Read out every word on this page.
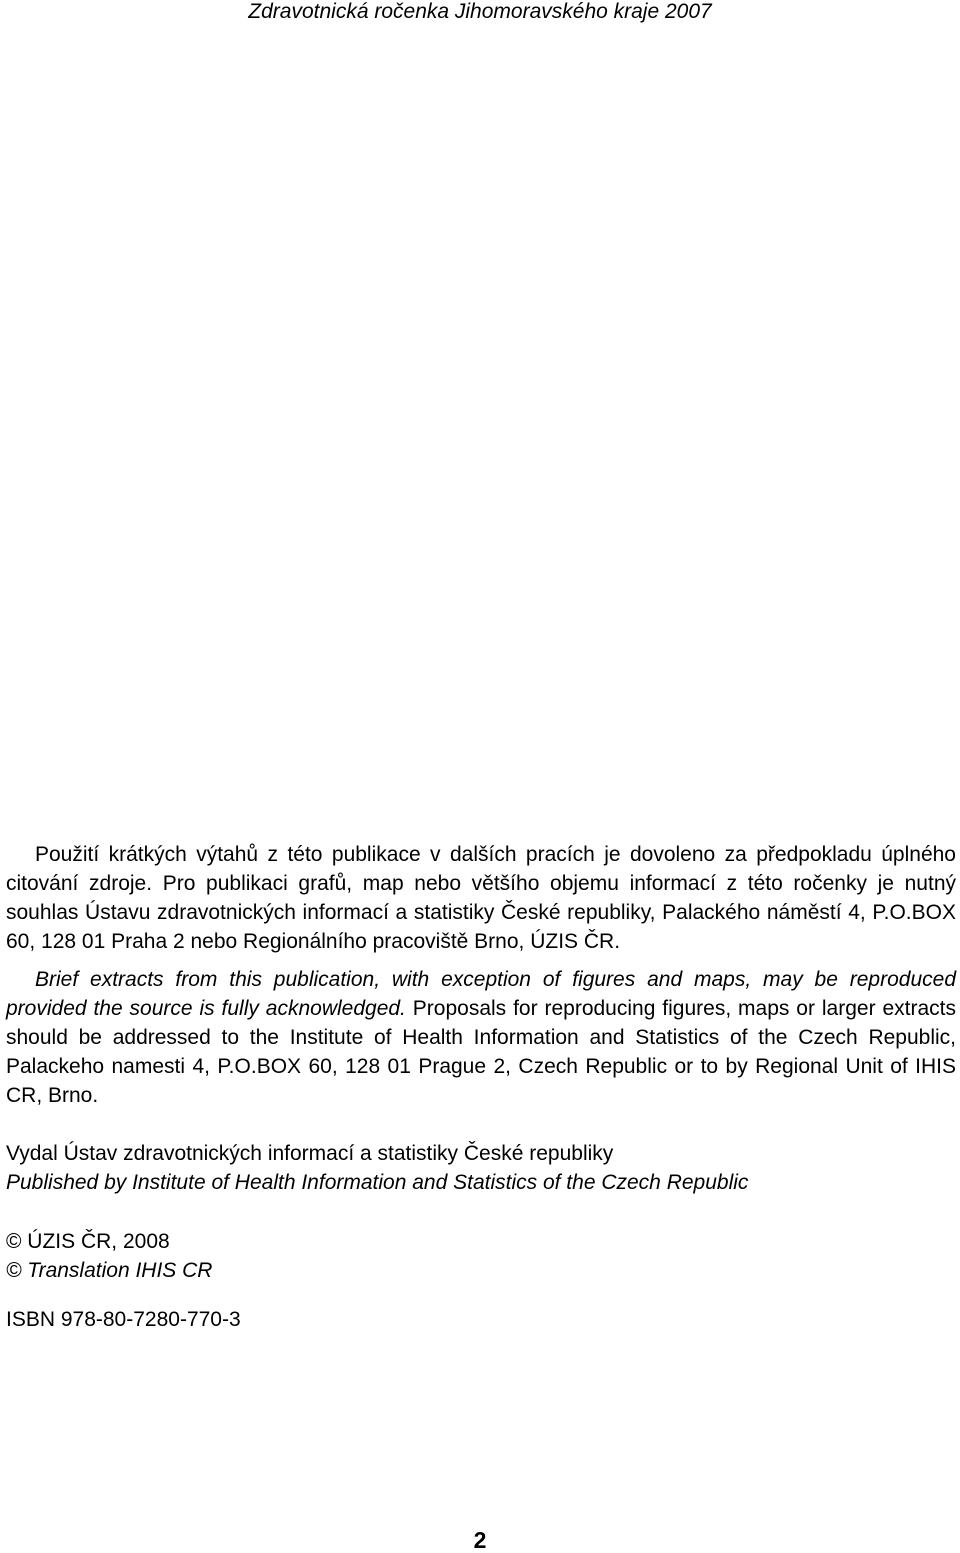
Zdravotnická ročenka Jihomoravského kraje 2007

Použití krátkých výtahů z této publikace v dalších pracích je dovoleno za předpokladu úplného citování zdroje. Pro publikaci grafů, map nebo většího objemu informací z této ročenky je nutný souhlas Ústavu zdravotnických informací a statistiky České republiky, Palackého náměstí 4, P.O.BOX 60, 128 01 Praha 2 nebo Regionálního pracoviště Brno, ÚZIS ČR.

Brief extracts from this publication, with exception of figures and maps, may be reproduced provided the source is fully acknowledged. Proposals for reproducing figures, maps or larger extracts should be addressed to the Institute of Health Information and Statistics of the Czech Republic, Palackeho namesti 4, P.O.BOX 60, 128 01 Prague 2, Czech Republic or to by Regional Unit of IHIS CR, Brno.

Vydal Ústav zdravotnických informací a statistiky České republiky

Published by Institute of Health Information and Statistics of the Czech Republic

© ÚZIS ČR, 2008

© Translation IHIS CR

ISBN 978-80-7280-770-3

2
